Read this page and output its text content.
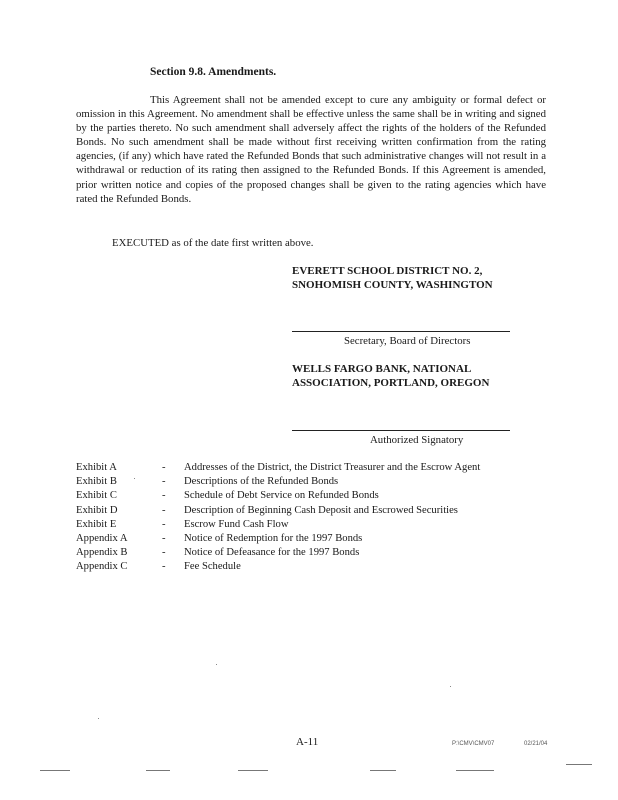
Section 9.8. Amendments.

This Agreement shall not be amended except to cure any ambiguity or formal defect or omission in this Agreement. No amendment shall be effective unless the same shall be in writing and signed by the parties thereto. No such amendment shall adversely affect the rights of the holders of the Refunded Bonds. No such amendment shall be made without first receiving written confirmation from the rating agencies, (if any) which have rated the Refunded Bonds that such administrative changes will not result in a withdrawal or reduction of its rating then assigned to the Refunded Bonds. If this Agreement is amended, prior written notice and copies of the proposed changes shall be given to the rating agencies which have rated the Refunded Bonds.

EXECUTED as of the date first written above.
EVERETT SCHOOL DISTRICT NO. 2,
SNOHOMISH COUNTY, WASHINGTON
Secretary, Board of Directors
WELLS FARGO BANK, NATIONAL
ASSOCIATION, PORTLAND, OREGON
Authorized Signatory
Exhibit A	-	Addresses of the District, the District Treasurer and the Escrow Agent
Exhibit B	-	Descriptions of the Refunded Bonds
Exhibit C	-	Schedule of Debt Service on Refunded Bonds
Exhibit D	-	Description of Beginning Cash Deposit and Escrowed Securities
Exhibit E	-	Escrow Fund Cash Flow
Appendix A	-	Notice of Redemption for the 1997 Bonds
Appendix B	-	Notice of Defeasance for the 1997 Bonds
Appendix C	-	Fee Schedule
A-11	P:\CMV\CMV07	02/21/04
